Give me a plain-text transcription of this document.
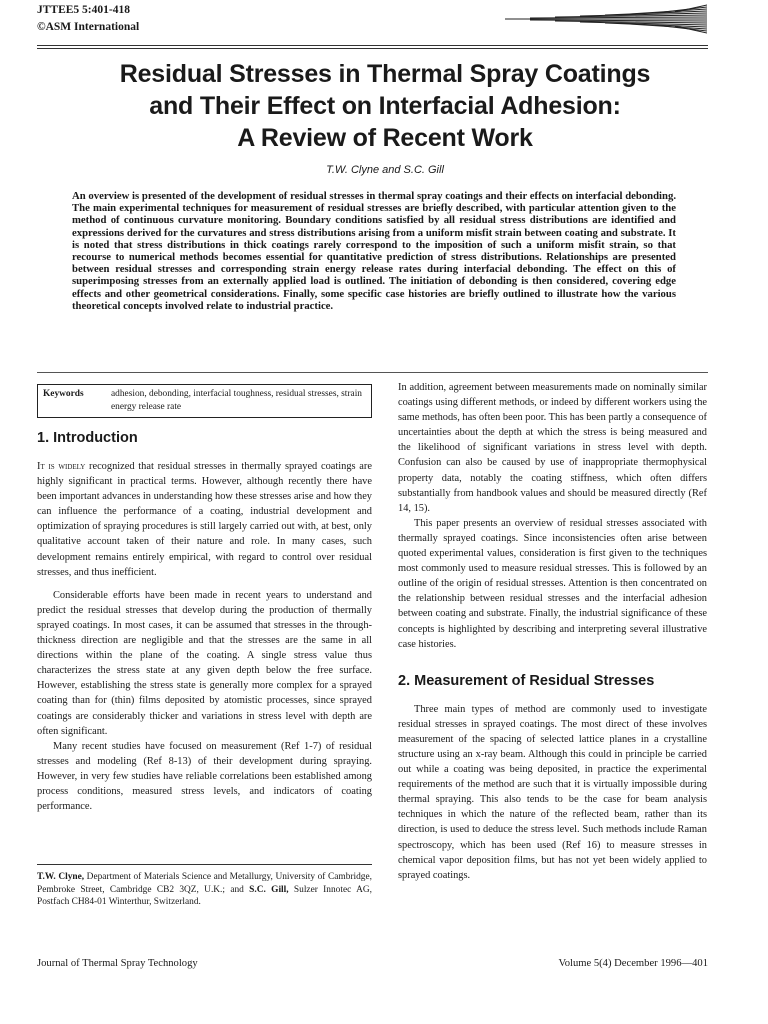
JTTEE5 5:401-418
©ASM International
Residual Stresses in Thermal Spray Coatings
and Their Effect on Interfacial Adhesion:
A Review of Recent Work
T.W. Clyne and S.C. Gill

An overview is presented of the development of residual stresses in thermal spray coatings and their effects on interfacial debonding. The main experimental techniques for measurement of residual stresses are briefly described, with particular attention given to the method of continuous curvature monitoring. Boundary conditions satisfied by all residual stress distributions are identified and expressions derived for the curvatures and stress distributions arising from a uniform misfit strain between coating and substrate. It is noted that stress distributions in thick coatings rarely correspond to the imposition of such a uniform misfit strain, so that recourse to numerical methods becomes essential for quantitative prediction of stress distributions. Relationships are presented between residual stresses and corresponding strain energy release rates during interfacial debonding. The effect on this of superimposing stresses from an externally applied load is outlined. The initiation of debonding is then considered, covering edge effects and other geometrical considerations. Finally, some specific case histories are briefly outlined to illustrate how the various theoretical concepts involved relate to industrial practice.

Keywords	adhesion, debonding, interfacial toughness, residual stresses, strain energy release rate
1. Introduction

It is widely recognized that residual stresses in thermally sprayed coatings are highly significant in practical terms. However, although recently there have been important advances in understanding how these stresses arise and how they can influence the performance of a coating, industrial development and optimization of spraying procedures is still largely carried out with, at best, only qualitative account taken of their nature and role. In many cases, such development remains entirely empirical, with regard to control over residual stresses, and thus inefficient.

Considerable efforts have been made in recent years to understand and predict the residual stresses that develop during the production of thermally sprayed coatings. In most cases, it can be assumed that stresses in the through-thickness direction are negligible and that the stresses are the same in all directions within the plane of the coating. A single stress value thus characterizes the stress state at any given depth below the free surface. However, establishing the stress state is generally more complex for a sprayed coating than for (thin) films deposited by atomistic processes, since sprayed coatings are considerably thicker and variations in stress level with depth are often significant.

Many recent studies have focused on measurement (Ref 1-7) of residual stresses and modeling (Ref 8-13) of their development during spraying. However, in very few studies have reliable correlations been established among process conditions, measured stress levels, and indicators of coating performance.

In addition, agreement between measurements made on nominally similar coatings using different methods, or indeed by different workers using the same methods, has often been poor. This has been partly a consequence of uncertainties about the depth at which the stress is being measured and the likelihood of significant variations in stress level with depth. Confusion can also be caused by use of inappropriate thermophysical property data, notably the coating stiffness, which often differs substantially from handbook values and should be measured directly (Ref 14, 15).

This paper presents an overview of residual stresses associated with thermally sprayed coatings. Since inconsistencies often arise between quoted experimental values, consideration is first given to the techniques most commonly used to measure residual stresses. This is followed by an outline of the origin of residual stresses. Attention is then concentrated on the relationship between residual stresses and the interfacial adhesion between coating and substrate. Finally, the industrial significance of these concepts is highlighted by describing and interpreting several illustrative case histories.

2. Measurement of Residual Stresses

Three main types of method are commonly used to investigate residual stresses in sprayed coatings. The most direct of these involves measurement of the spacing of selected lattice planes in a crystalline structure using an x-ray beam. Although this could in principle be carried out while a coating was being deposited, in practice the experimental requirements of the method are such that it is virtually impossible during thermal spraying. This also tends to be the case for beam analysis techniques in which the nature of the reflected beam, rather than its direction, is used to deduce the stress level. Such methods include Raman spectroscopy, which has been used (Ref 16) to measure stresses in chemical vapor deposition films, but has not yet been widely applied to sprayed coatings.

T.W. Clyne, Department of Materials Science and Metallurgy, University of Cambridge, Pembroke Street, Cambridge CB2 3QZ, U.K.; and S.C. Gill, Sulzer Innotec AG, Postfach CH84-01 Winterthur, Switzerland.
Journal of Thermal Spray Technology	Volume 5(4) December 1996—401
